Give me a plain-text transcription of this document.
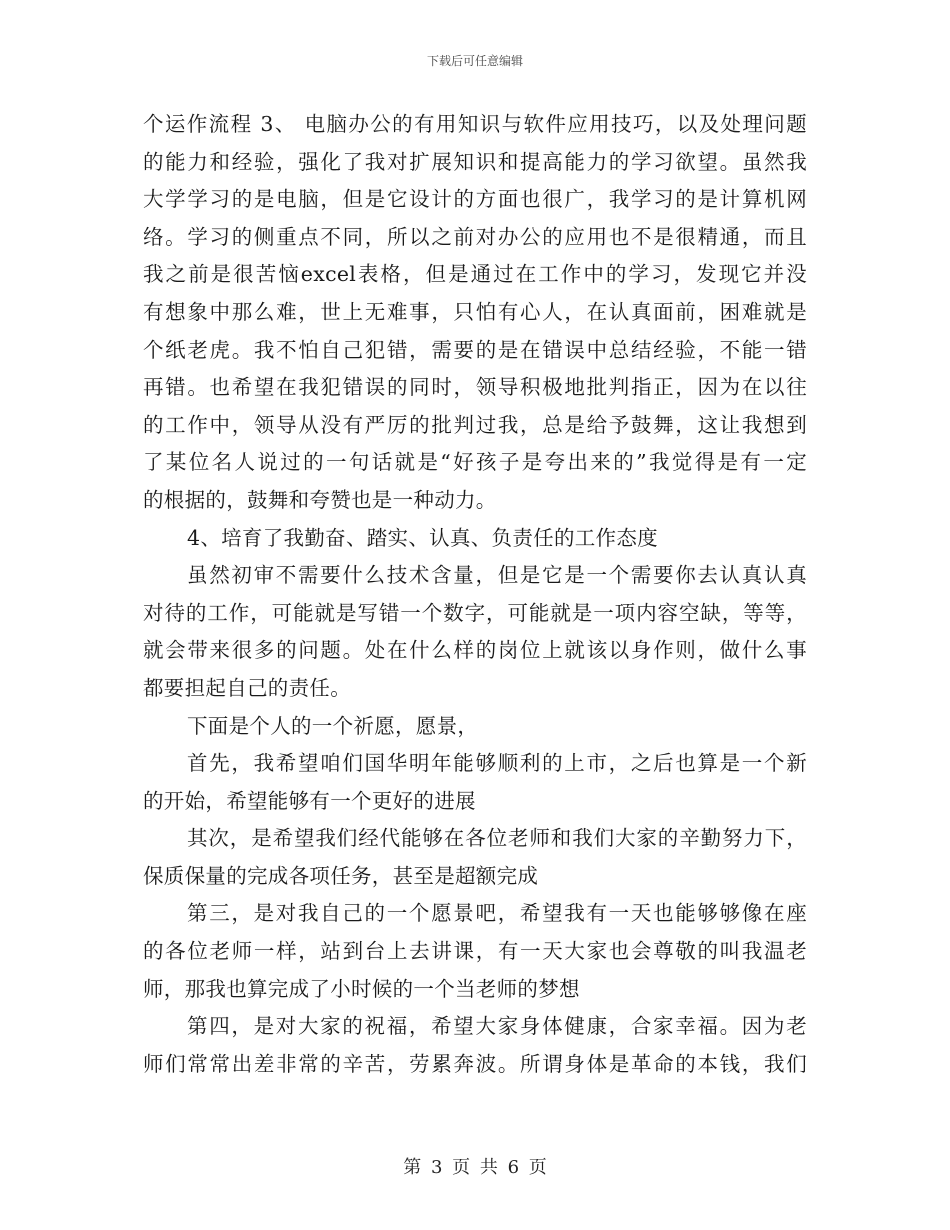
下载后可任意编辑
个运作流程 3、 电脑办公的有用知识与软件应用技巧，以及处理问题
的能力和经验，强化了我对扩展知识和提高能力的学习欲望。虽然我
大学学习的是电脑，但是它设计的方面也很广，我学习的是计算机网
络。学习的侧重点不同，所以之前对办公的应用也不是很精通，而且
我之前是很苦恼excel表格，但是通过在工作中的学习，发现它并没
有想象中那么难，世上无难事，只怕有心人，在认真面前，困难就是
个纸老虎。我不怕自己犯错，需要的是在错误中总结经验，不能一错
再错。也希望在我犯错误的同时，领导积极地批判指正，因为在以往
的工作中，领导从没有严厉的批判过我，总是给予鼓舞，这让我想到
了某位名人说过的一句话就是“好孩子是夸出来的”我觉得是有一定
的根据的，鼓舞和夸赞也是一种动力。
4、培育了我勤奋、踏实、认真、负责任的工作态度
虽然初审不需要什么技术含量，但是它是一个需要你去认真认真
对待的工作，可能就是写错一个数字，可能就是一项内容空缺，等等，
就会带来很多的问题。处在什么样的岗位上就该以身作则，做什么事
都要担起自己的责任。
下面是个人的一个祈愿，愿景，
首先，我希望咱们国华明年能够顺利的上市，之后也算是一个新
的开始，希望能够有一个更好的进展
其次，是希望我们经代能够在各位老师和我们大家的辛勤努力下，
保质保量的完成各项任务，甚至是超额完成
第三，是对我自己的一个愿景吧，希望我有一天也能够够像在座
的各位老师一样，站到台上去讲课，有一天大家也会尊敬的叫我温老
师，那我也算完成了小时候的一个当老师的梦想
第四，是对大家的祝福，希望大家身体健康，合家幸福。因为老
师们常常出差非常的辛苦，劳累奔波。所谓身体是革命的本钱，我们
第 3 页 共 6 页
